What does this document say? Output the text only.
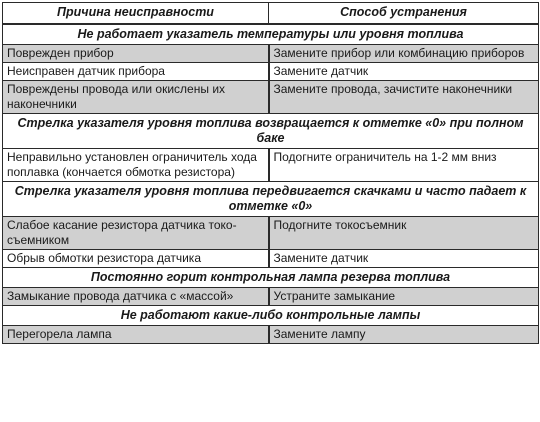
Причина неисправности	Способ устранения
Не работает указатель температуры или уровня топлива	
Поврежден прибор	Замените прибор или комбинацию приборов
Неисправен датчик прибора	Замените датчик
Повреждены провода или окислены их наконечники	Замените провода, зачистите наконечники
Стрелка указателя уровня топлива возвращается к отметке «0» при полном баке	
Неправильно установлен ограничитель хода поплавка (кончается обмотка резистора)	Подогните ограничитель на 1-2 мм вниз
Стрелка указателя уровня топлива передвигается скачками и часто падает к отметке «0»	
Слабое касание резистора датчика токосъемником	Подогните токосъемник
Обрыв обмотки резистора датчика	Замените датчик
Постоянно горит контрольная лампа резерва топлива	
Замыкание провода датчика с «массой»	Устраните замыкание
Не работают какие-либо контрольные лампы	
Перегорела лампа	Замените лампу
